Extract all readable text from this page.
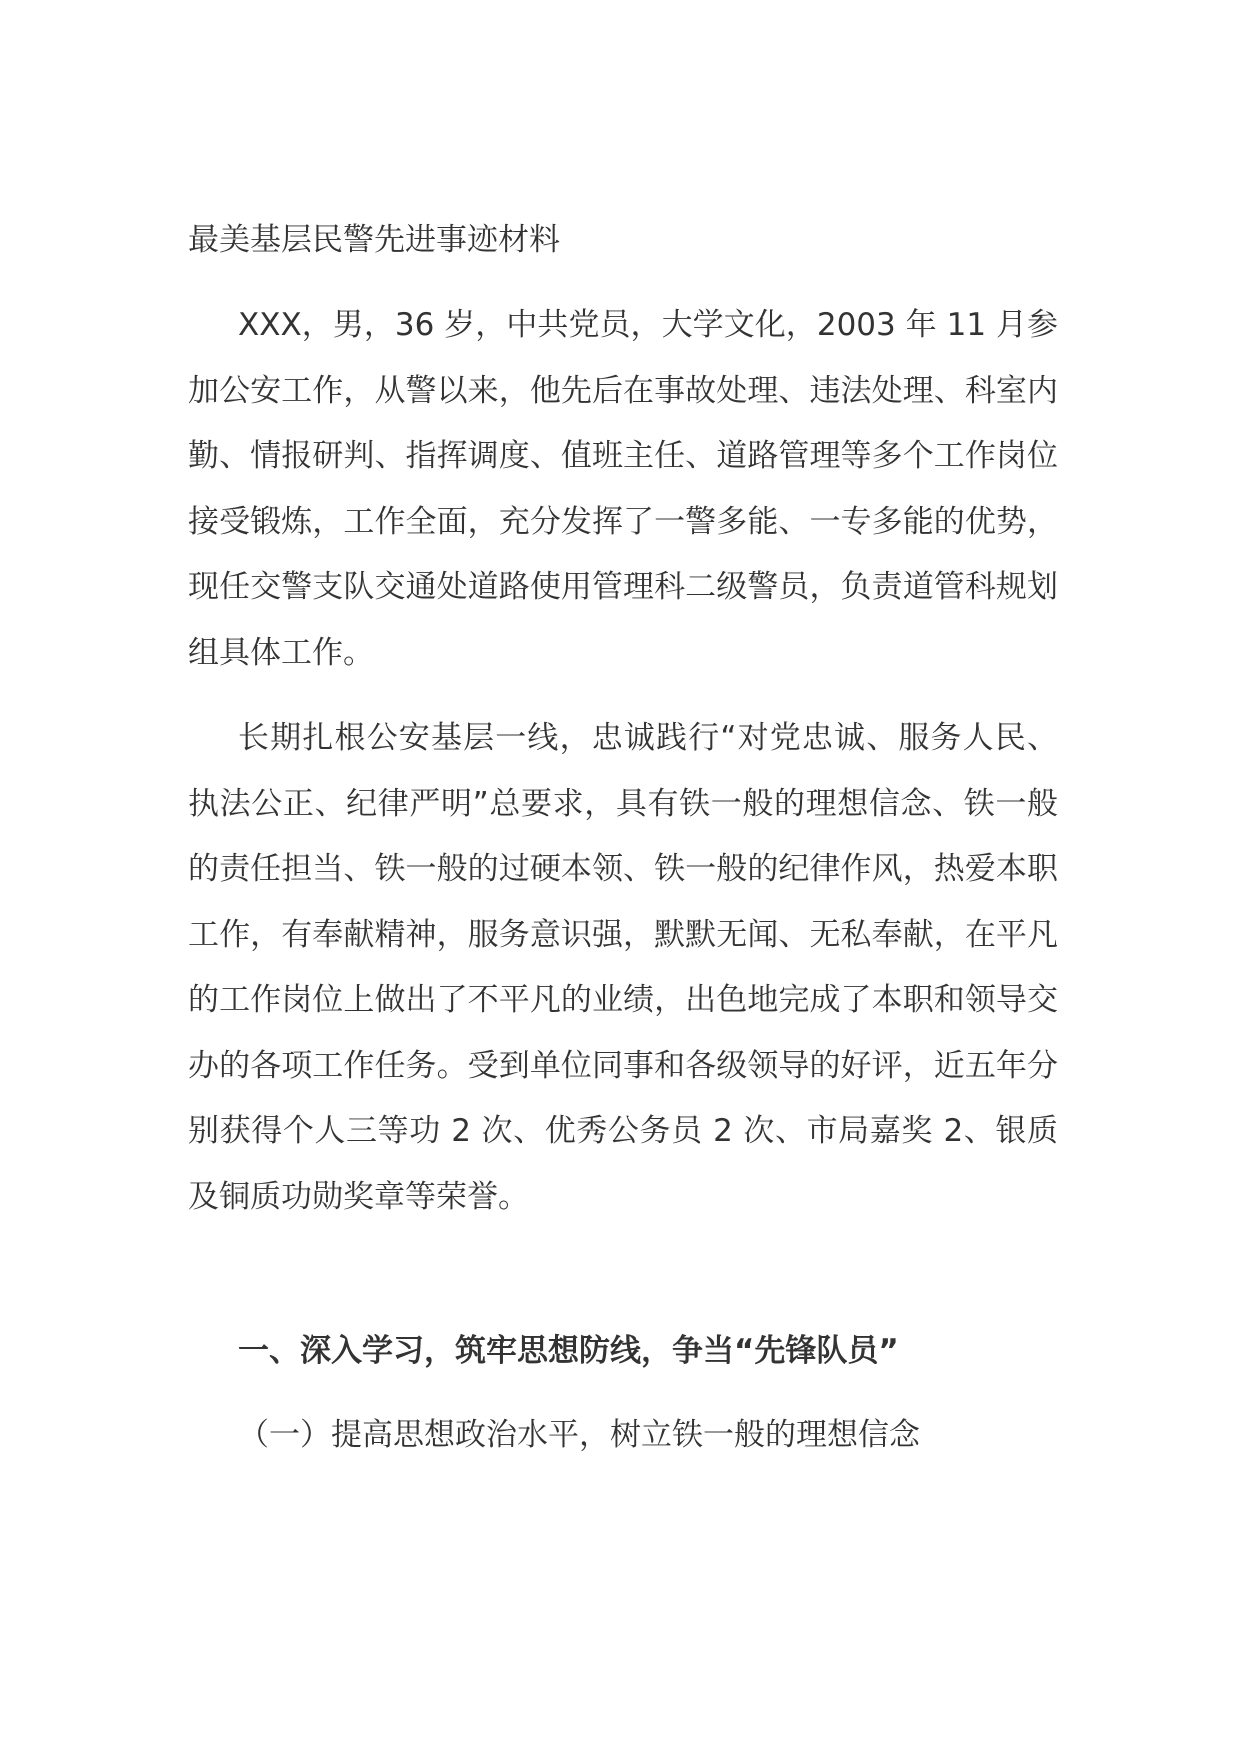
最美基层民警先进事迹材料

XXX，男，36 岁，中共党员，大学文化，2003 年 11 月参加公安工作，从警以来，他先后在事故处理、违法处理、科室内勤、情报研判、指挥调度、值班主任、道路管理等多个工作岗位接受锻炼，工作全面，充分发挥了一警多能、一专多能的优势，现任交警支队交通处道路使用管理科二级警员，负责道管科规划组具体工作。

长期扎根公安基层一线，忠诚践行“对党忠诚、服务人民、执法公正、纪律严明”总要求，具有铁一般的理想信念、铁一般的责任担当、铁一般的过硬本领、铁一般的纪律作风，热爱本职工作，有奉献精神，服务意识强，默默无闻、无私奉献，在平凡的工作岗位上做出了不平凡的业绩，出色地完成了本职和领导交办的各项工作任务。受到单位同事和各级领导的好评，近五年分别获得个人三等功 2 次、优秀公务员 2 次、市局嘉奖 2、银质及铜质功勋奖章等荣誉。

一、深入学习，筑牢思想防线，争当“先锋队员”

（一）提高思想政治水平，树立铁一般的理想信念
